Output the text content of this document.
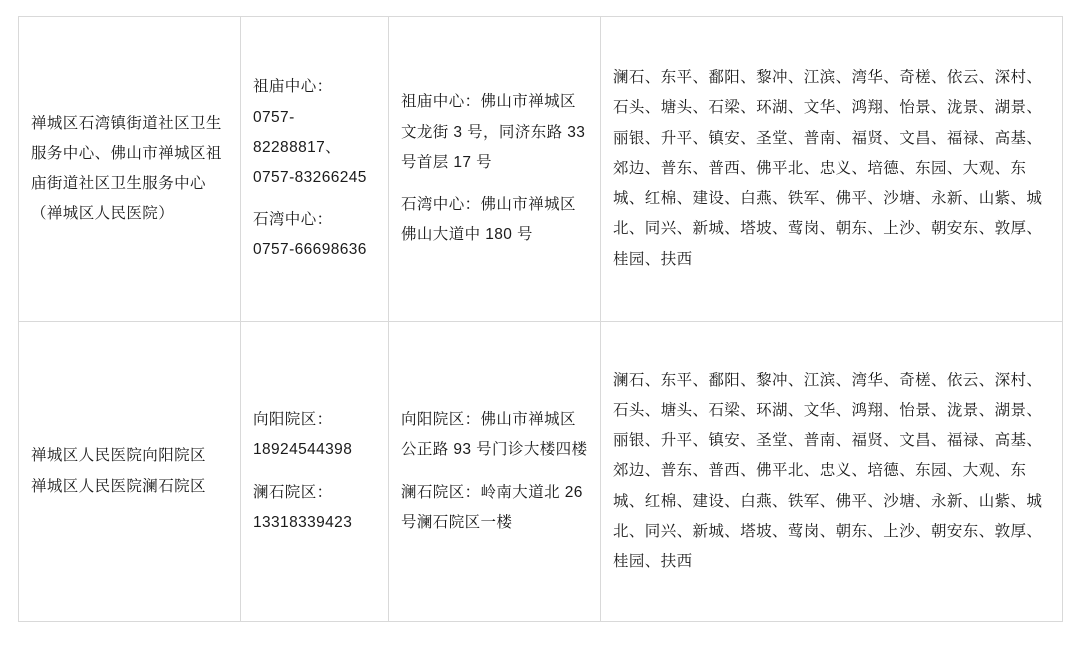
禅城区石湾镇街道社区卫生服务中心、佛山市禅城区祖庙街道社区卫生服务中心（禅城区人民医院）	祖庙中心：
0757-82288817、0757-83266245
石湾中心：
0757-66698636	祖庙中心：佛山市禅城区文龙街 3 号，同济东路 33 号首层 17 号
石湾中心：佛山市禅城区佛山大道中 180 号	澜石、东平、鄱阳、黎冲、江滨、湾华、奇槎、依云、深村、石头、塘头、石梁、环湖、文华、鸿翔、怡景、泷景、湖景、丽银、升平、镇安、圣堂、普南、福贤、文昌、福禄、高基、郊边、普东、普西、佛平北、忠义、培德、东园、大观、东城、红棉、建设、白燕、铁军、佛平、沙塘、永新、山紫、城北、同兴、新城、塔坡、莺岗、朝东、上沙、朝安东、敦厚、桂园、扶西

禅城区人民医院向阳院区
禅城区人民医院澜石院区	向阳院区：
18924544398
澜石院区：
13318339423	向阳院区：佛山市禅城区公正路 93 号门诊大楼四楼
澜石院区：岭南大道北 26 号澜石院区一楼	澜石、东平、鄱阳、黎冲、江滨、湾华、奇槎、依云、深村、石头、塘头、石梁、环湖、文华、鸿翔、怡景、泷景、湖景、丽银、升平、镇安、圣堂、普南、福贤、文昌、福禄、高基、郊边、普东、普西、佛平北、忠义、培德、东园、大观、东城、红棉、建设、白燕、铁军、佛平、沙塘、永新、山紫、城北、同兴、新城、塔坡、莺岗、朝东、上沙、朝安东、敦厚、桂园、扶西
